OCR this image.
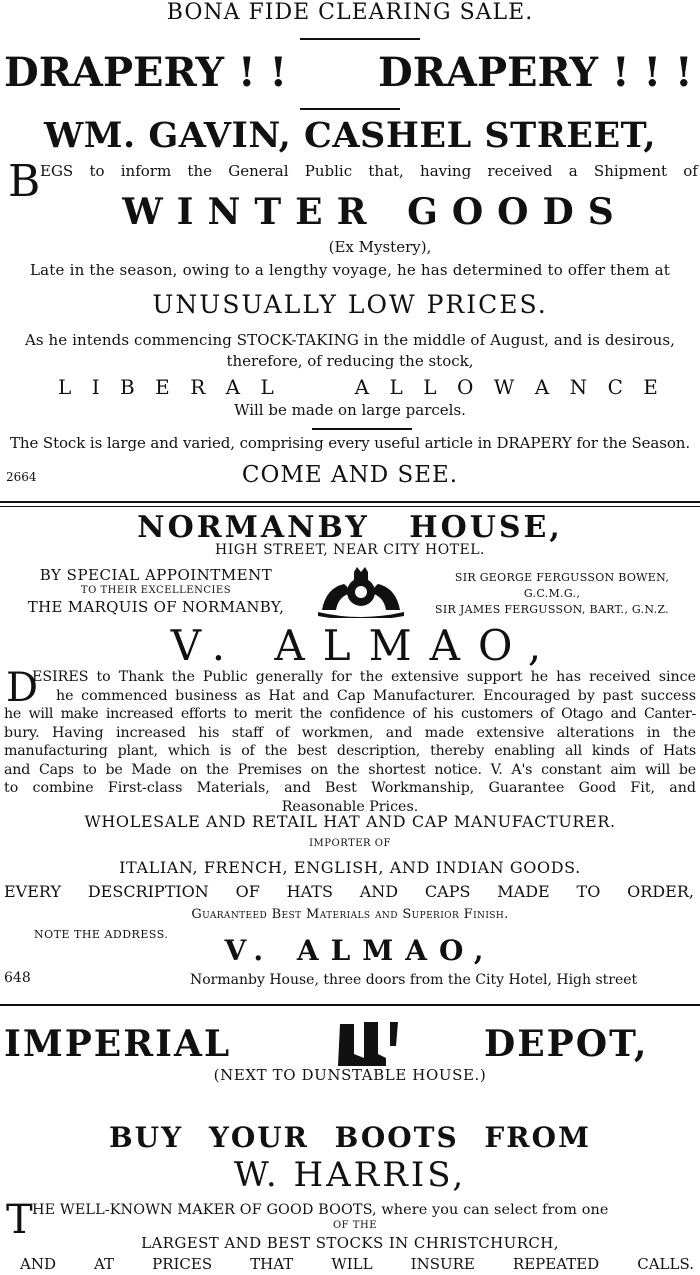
BONA FIDE CLEARING SALE.
DRAPERY ! ! DRAPERY ! ! !
WM. GAVIN, CASHEL STREET,
B EGS to inform the General Public that, having received a Shipment of
WINTER GOODS
(Ex Mystery),
Late in the season, owing to a lengthy voyage, he has determined to offer them at
UNUSUALLY LOW PRICES.
As he intends commencing STOCK-TAKING in the middle of August, and is desirous,
therefore, of reducing the stock,
L I B E R A L	A L L O W A N C E
Will be made on large parcels.
The Stock is large and varied, comprising every useful article in DRAPERY for the Season.
2664	COME AND SEE.
NORMANBY HOUSE,
HIGH STREET, NEAR CITY HOTEL.
BY SPECIAL APPOINTMENT
TO THEIR EXCELLENCIES
THE MARQUIS OF NORMANBY,
SIR GEORGE FERGUSSON BOWEN,
G.C.M.G.,
SIR JAMES FERGUSSON, BART., G.N.Z.
V. ALMAO,
D
ESIRES to Thank the Public generally for the extensive support he has received since
he commenced business as Hat and Cap Manufacturer. Encouraged by past success
he will make increased efforts to merit the confidence of his customers of Otago and Canter-
bury. Having increased his staff of workmen, and made extensive alterations in the
manufacturing plant, which is of the best description, thereby enabling all kinds of Hats
and Caps to be Made on the Premises on the shortest notice. V. A's constant aim will be
to combine First-class Materials, and Best Workmanship, Guarantee Good Fit, and
Reasonable Prices.
WHOLESALE AND RETAIL HAT AND CAP MANUFACTURER.
IMPORTER OF
ITALIAN, FRENCH, ENGLISH, AND INDIAN GOODS.
EVERY DESCRIPTION OF HATS AND CAPS MADE TO ORDER,
Guaranteed Best Materials and Superior Finish.
NOTE THE ADDRESS.	V. ALMAO,
648	Normanby House, three doors from the City Hotel, High street
IMPERIAL	DEPOT,
(NEXT TO DUNSTABLE HOUSE.)
BUY YOUR BOOTS FROM
W. HARRIS,
T HE WELL-KNOWN MAKER OF GOOD BOOTS, where you can select from one
OF THE
LARGEST AND BEST STOCKS IN CHRISTCHURCH,
AND	AT	PRICES	THAT	WILL	INSURE	REPEATED	CALLS.
